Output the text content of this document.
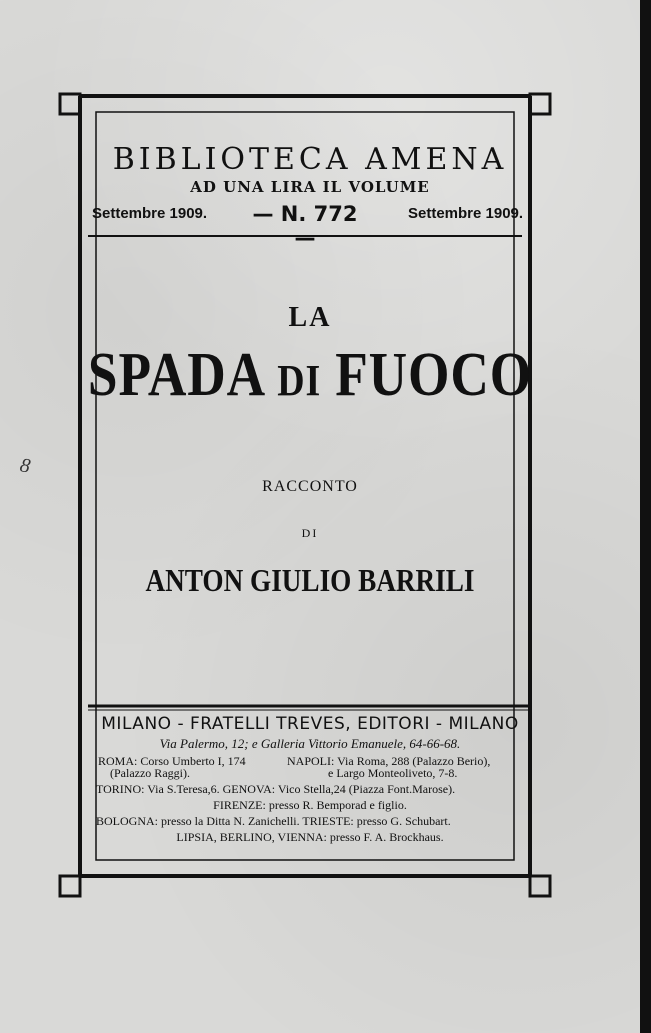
BIBLIOTECA AMENA
AD UNA LIRA IL VOLUME
Settembre 1909.	— N. 772 —
Settembre 1909.
LA
SPADA DI FUOCO
RACCONTO
DI
ANTON GIULIO BARRILI
MILANO - FRATELLI TREVES, EDITORI - MILANO
Via Palermo, 12; e Galleria Vittorio Emanuele, 64-66-68.
ROMA: Corso Umberto I, 174	NAPOLI: Via Roma, 288 (Palazzo Berio),
(Palazzo Raggi).	e Largo Monteoliveto, 7-8.
TORINO: Via S.Teresa,6. GENOVA: Vico Stella,24 (Piazza Font.Marose).
FIRENZE: presso R. Bemporad e figlio.
BOLOGNA: presso la Ditta N. Zanichelli. TRIESTE: presso G. Schubart.
LIPSIA, BERLINO, VIENNA: presso F. A. Brockhaus.
8
